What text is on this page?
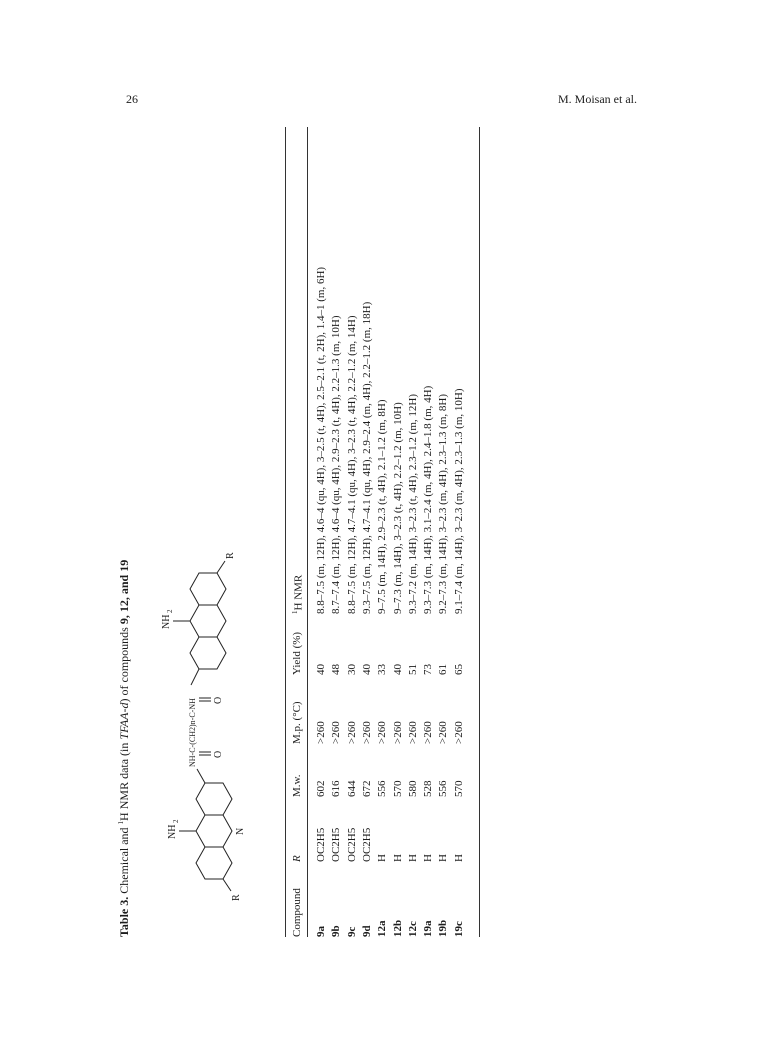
26	M. Moisan et al.
Table 3. Chemical and $^1$H NMR data (in TFAA-d) of compounds 9, 12, and 19
R
NH
2
N
NH-C-(CH2)n-C-NH O
O
NH
2
R
Compound
R
M.w.
M.p. (°C)
Yield (%)
$^1$H NMR
9a
OC2H5
602
>260
40
8.8–7.5 (m, 12H), 4.6–4 (qu, 4H), 3–2.5 (t, 4H), 2.5–2.1 (t, 2H), 1.4–1 (m, 6H)
9b
OC2H5
616
>260
48
8.7–7.4 (m, 12H), 4.6–4 (qu, 4H), 2.9–2.3 (t, 4H), 2.2–1.3 (m, 10H)
9c
OC2H5
644
>260
30
8.8–7.5 (m, 12H), 4.7–4.1 (qu, 4H), 3–2.3 (t, 4H), 2.2–1.2 (m, 14H)
9d
OC2H5
672
>260
40
9.3–7.5 (m, 12H), 4.7–4.1 (qu, 4H), 2.9–2.4 (m, 4H), 2.2–1.2 (m, 18H)
12a
H
556
>260
33
9–7.5 (m, 14H), 2.9–2.3 (t, 4H), 2.1–1.2 (m, 8H)
12b
H
570
>260
40
9–7.3 (m, 14H), 3–2.3 (t, 4H), 2.2–1.2 (m, 10H)
12c
H
580
>260
51
9.3–7.2 (m, 14H), 3–2.3 (t, 4H), 2.3–1.2 (m, 12H)
19a
H
528
>260
73
9.3–7.3 (m, 14H), 3.1–2.4 (m, 4H), 2.4–1.8 (m, 4H)
19b
H
556
>260
61
9.2–7.3 (m, 14H), 3–2.3 (m, 4H), 2.3–1.3 (m, 8H)
19c
H
570
>260
65
9.1–7.4 (m, 14H), 3–2.3 (m, 4H), 2.3–1.3 (m, 10H)
